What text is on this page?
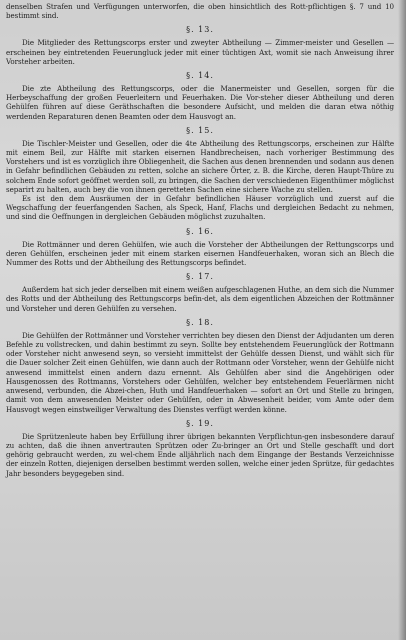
denselben Strafen und Verfügungen unterworfen, die oben hinsichtlich des Rott-pflichtigen §. 7 und 10 bestimmt sind.

§. 13.

Die Mitglieder des Rettungscorps erster und zweyter Abtheilung — Zimmer-meister und Gesellen — erscheinen bey eintretenden Feuerungluck jeder mit einer tüchtigen Axt, womit sie nach Anweisung ihrer Vorsteher arbeiten.

§. 14.

Die zte Abtheilung des Rettungscorps, oder die Manermeister und Gesellen, sorgen für die Herbeyschaffung der großen Feuerleitern und Feuerhaken. Die Vor-steher dieser Abtheilung und deren Gehülfen führen auf diese Geräthschaften die besondere Aufsicht, und melden die daran etwa nöthig werdenden Reparaturen denen Beamten oder dem Hausvogt an.

§. 15.

Die Tischler-Meister und Gesellen, oder die 4te Abtheilung des Rettungscorps, erscheinen zur Hälfte mit einem Beil, zur Hälfte mit starken eisernen Handbrecheisen, nach vorheriger Bestimmung des Vorstehers und ist es vorzüglich ihre Obliegenheit, die Sachen aus denen brennenden und sodann aus denen in Gefahr befindlichen Gebäuden zu retten, solche an sichere Örter, z. B. die Kirche, deren Haupt-Thüre zu solchem Ende sofort geöffnet werden soll, zu bringen, die Sachen der verschiedenen Eigenthümer möglichst separirt zu halten, auch bey die von ihnen geretteten Sachen eine sichere Wache zu stellen.

Es ist den dem Ausräumen der in Gefahr befindlichen Häuser vorzüglich und zuerst auf die Wegschaffung der feuerfangenden Sachen, als Speck, Hanf, Flachs und dergleichen Bedacht zu nehmen, und sind die Oeffnungen in dergleichen Gebäuden möglichst zuzuhalten.

§. 16.

Die Rottmänner und deren Gehülfen, wie auch die Vorsteher der Abtheilungen der Rettungscorps und deren Gehülfen, erscheinen jeder mit einem starken eisernen Handfeuerhaken, woran sich an Blech die Nummer des Rotts und der Abtheilung des Rettungscorps befindet.

§. 17.

Außerdem hat sich jeder derselben mit einem weißen aufgeschlagenen Huthe, an dem sich die Nummer des Rotts und der Abtheilung des Rettungscorps befin-det, als dem eigentlichen Abzeichen der Rottmänner und Vorsteher und deren Gehülfen zu versehen.

§. 18.

Die Gehülfen der Rottmänner und Vorsteher verrichten bey diesen den Dienst der Adjudanten um deren Befehle zu vollstrecken, und dahin bestimmt zu seyn. Sollte bey entstehendem Feuerunglück der Rottmann oder Vorsteher nicht anwesend seyn, so versieht immittelst der Gehülfe dessen Dienst, und wählt sich für die Dauer solcher Zeit einen Gehülfen, wie dann auch der Rottmann oder Vorsteher, wenn der Gehülfe nicht anwesend immittelst einen andern dazu ernennt. Als Gehülfen aber sind die Angehörigen oder Hausgenossen des Rottmanns, Vorstehers oder Gehülfen, welcher bey entstehendem Feuerlärmen nicht anwesend, verbunden, die Abzei-chen, Huth und Handfeuerhaken — sofort an Ort und Stelle zu bringen, damit von dem anwesenden Meister oder Gehülfen, oder in Abwesenheit beider, vom Amte oder dem Hausvogt wegen einstweiliger Verwaltung des Dienstes verfügt werden könne.

§. 19.

Die Sprützenleute haben bey Erfüllung ihrer übrigen bekannten Verpflichtun-gen insbesondere darauf zu achten, daß die ihnen anvertrauten Sprützen oder Zu-bringer an Ort und Stelle geschafft und dort gehörig gebraucht werden, zu wel-chem Ende alljährlich nach dem Eingange der Bestands Verzeichnisse der einzeln Rotten, diejenigen derselben bestimmt werden sollen, welche einer jeden Sprütze, für gedachtes Jahr besonders beygegeben sind.
